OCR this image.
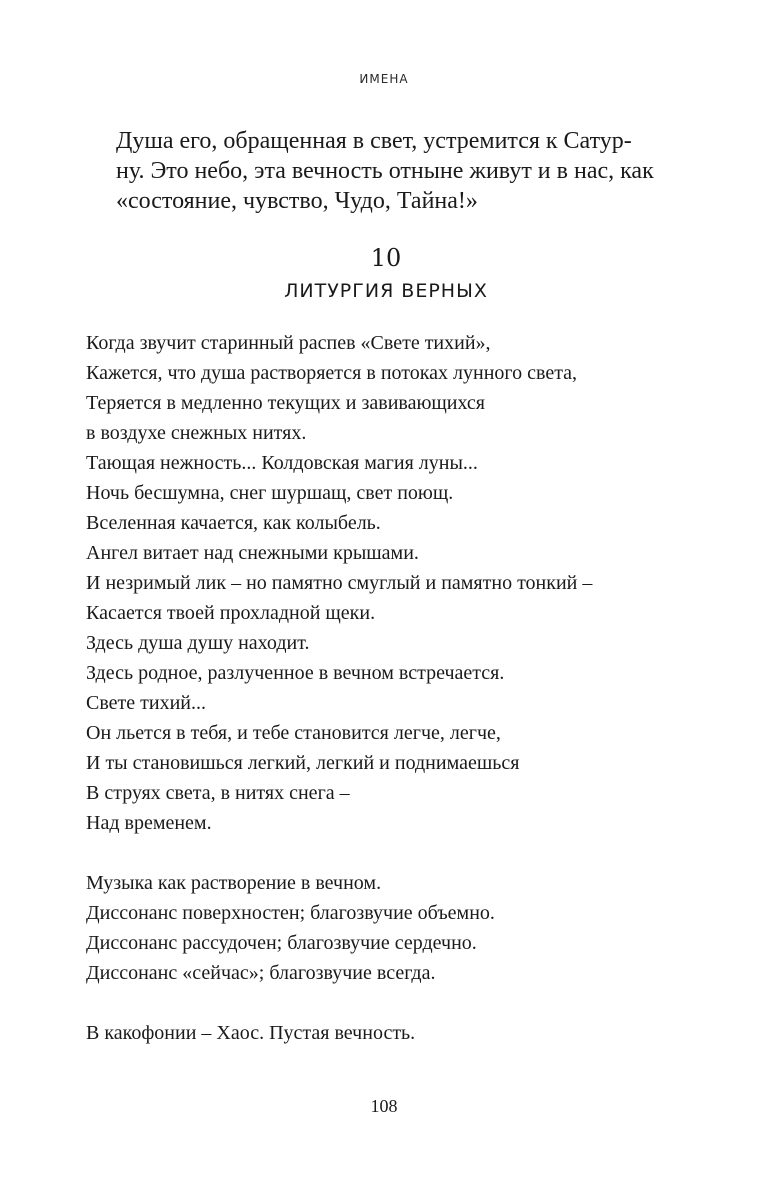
ИМЕНА
Душа его, обращенная в свет, устремится к Сатур-
ну. Это небо, эта вечность отныне живут и в нас, как
«состояние, чувство, Чудо, Тайна!»
10
ЛИТУРГИЯ ВЕРНЫХ
Когда звучит старинный распев «Свете тихий»,
Кажется, что душа растворяется в потоках лунного света,
Теряется в медленно текущих и завивающихся
в воздухе снежных нитях.
Тающая нежность... Колдовская магия луны...
Ночь бесшумна, снег шуршащ, свет поющ.
Вселенная качается, как колыбель.
Ангел витает над снежными крышами.
И незримый лик – но памятно смуглый и памятно тонкий –
Касается твоей прохладной щеки.
Здесь душа душу находит.
Здесь родное, разлученное в вечном встречается.
Свете тихий...
Он льется в тебя, и тебе становится легче, легче,
И ты становишься легкий, легкий и поднимаешься
В струях света, в нитях снега –
Над временем.
Музыка как растворение в вечном.
Диссонанс поверхностен; благозвучие объемно.
Диссонанс рассудочен; благозвучие сердечно.
Диссонанс «сейчас»; благозвучие всегда.
В какофонии – Хаос. Пустая вечность.
108
